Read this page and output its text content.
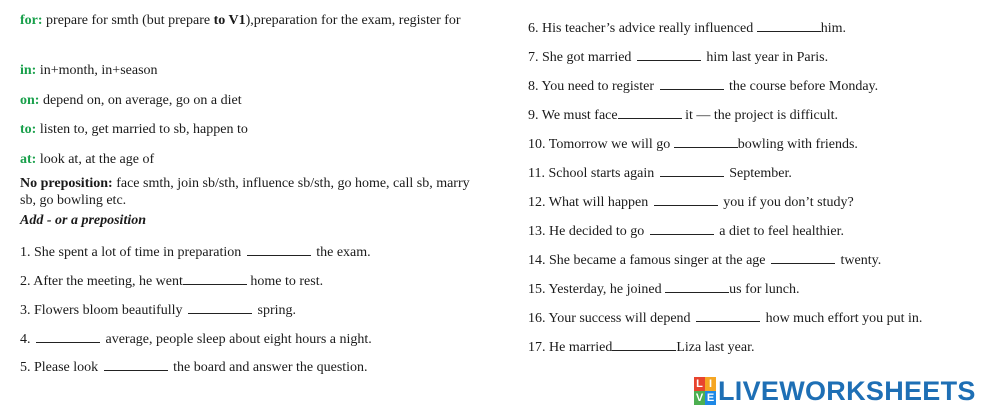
for: prepare for smth (but prepare to V1),preparation for the exam, register for
in: in+month, in+season
on: depend on, on average, go on a diet
to: listen to, get married to sb, happen to
at: look at, at the age of
No preposition: face smth, join sb/sth, influence sb/sth, go home, call sb, marry sb, go bowling etc.
Add - or a preposition
1. She spent a lot of time in preparation	the exam.
2. After the meeting, he went	home to rest.
3. Flowers bloom beautifully	spring.
4.	average, people sleep about eight hours a night.
5. Please look	the board and answer the question.
6. His teacher’s advice really influenced	him.
7. She got married	him last year in Paris.
8. You need to register	the course before Monday.
9. We must face	it — the project is difficult.
10. Tomorrow we will go	bowling with friends.
11. School starts again	September.
12. What will happen	you if you don’t study?
13. He decided to go	a diet to feel healthier.
14. She became a famous singer at the age	twenty.
15. Yesterday, he joined	us for lunch.
16. Your success will depend	how much effort you put in.
17. He married	Liza last year.
L I
V E LIVEWORKSHEETS
